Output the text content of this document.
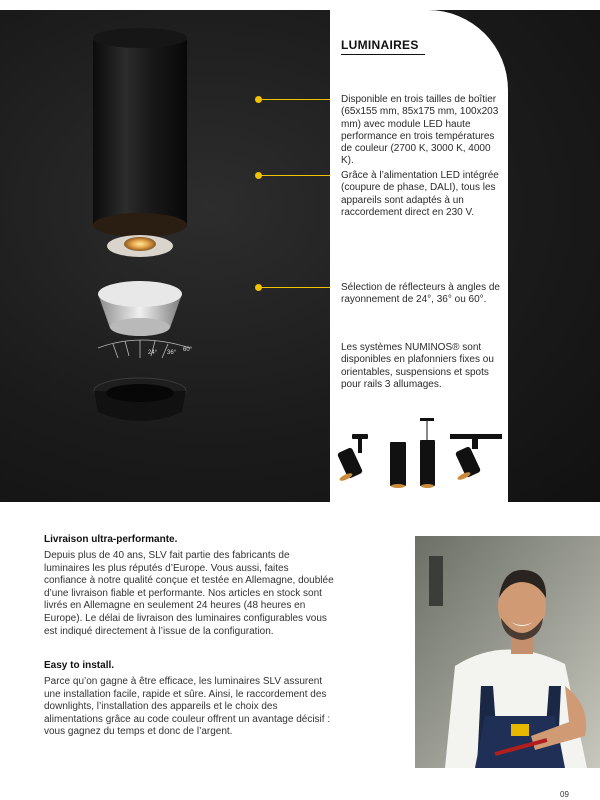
24° 36° 60°
LUMINAIRES
Disponible en trois tailles de boîtier (65x155 mm, 85x175 mm, 100x203 mm) avec module LED haute performance en trois températures de couleur (2700 K, 3000 K, 4000 K).
Grâce à l’alimentation LED intégrée (coupure de phase, DALI), tous les appareils sont adaptés à un raccordement direct en 230 V.
Sélection de réflecteurs à angles de rayonnement de 24°, 36° ou 60°.
Les systèmes NUMINOS® sont disponibles en plafonniers fixes ou orientables, suspensions et spots pour rails 3 allumages.
Livraison ultra-performante.
Depuis plus de 40 ans, SLV fait partie des fabricants de luminaires les plus réputés d’Europe. Vous aussi, faites confiance à notre qualité conçue et testée en Allemagne, doublée d’une livraison fiable et performante. Nos articles en stock sont livrés en Allemagne en seulement 24 heures (48 heures en Europe). Le délai de livraison des luminaires configurables vous est indiqué directement à l’issue de la configuration.
Easy to install.
Parce qu’on gagne à être efficace, les luminaires SLV assurent une installation facile, rapide et sûre. Ainsi, le raccordement des downlights, l’installation des appareils et le choix des alimentations grâce au code couleur offrent un avantage décisif : vous gagnez du temps et donc de l’argent.
09
